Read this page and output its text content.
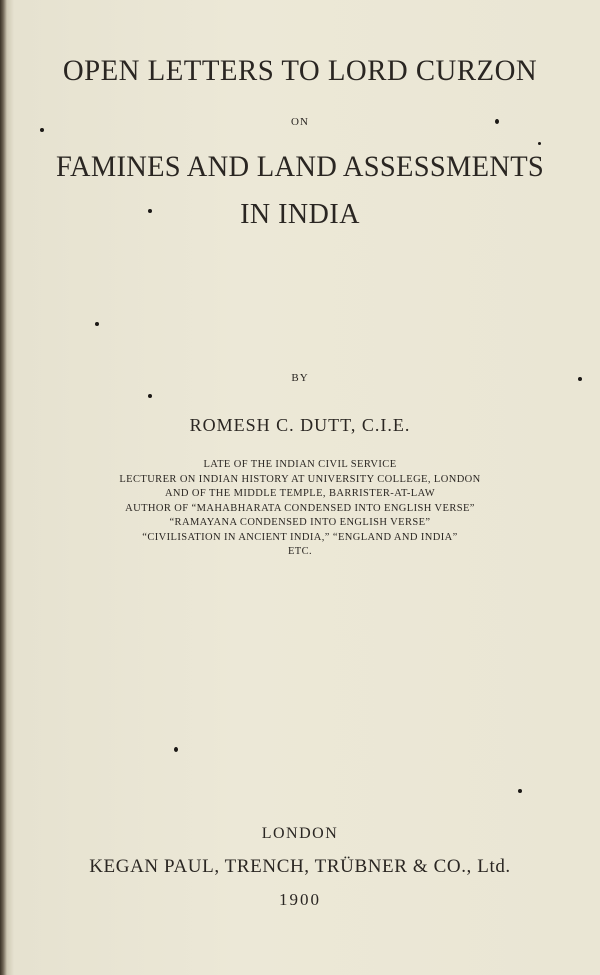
OPEN LETTERS TO LORD CURZON
ON
FAMINES AND LAND ASSESSMENTS
IN INDIA
BY
ROMESH C. DUTT, C.I.E.
LATE OF THE INDIAN CIVIL SERVICE
LECTURER ON INDIAN HISTORY AT UNIVERSITY COLLEGE, LONDON
AND OF THE MIDDLE TEMPLE, BARRISTER-AT-LAW
AUTHOR OF “MAHABHARATA CONDENSED INTO ENGLISH VERSE”
“RAMAYANA CONDENSED INTO ENGLISH VERSE”
“CIVILISATION IN ANCIENT INDIA,” “ENGLAND AND INDIA”
ETC.
LONDON
KEGAN PAUL, TRENCH, TRÜBNER & CO., Ltd.
1900
